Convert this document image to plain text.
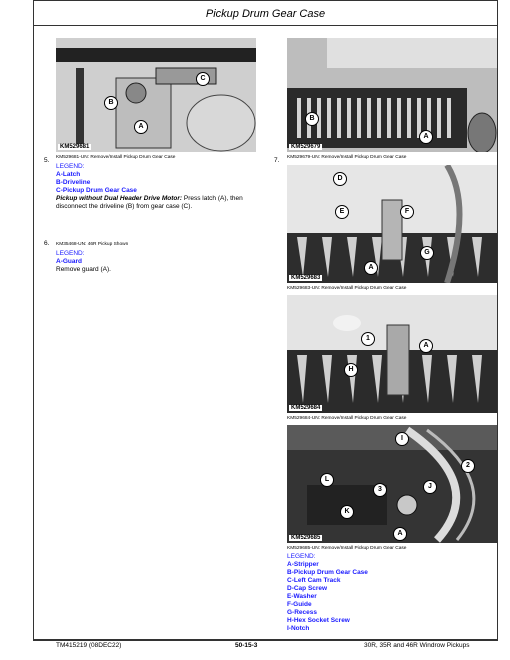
Pickup Drum Gear Case
KM529681
B
A
C
KM529681-UN: Remove/Install Pickup Drum Gear Case
5.
LEGEND:
A-Latch
B-Driveline
C-Pickup Drum Gear Case
Pickup without Dual Header Drive Motor: Press latch (A), then disconnect the driveline (B) from gear case (C).
KM35468-UN: 46R Pickup Shown
6.
LEGEND:
A-Guard
Remove guard (A).
KM529679
B
A
KM529679-UN: Remove/Install Pickup Drum Gear Case
7.
KM529683
D
E	F
G
A
KM529683-UN: Remove/Install Pickup Drum Gear Case
KM529684
1
A
H
KM529684-UN: Remove/Install Pickup Drum Gear Case
KM529685
I
2
L
3	J
K
A
KM529685-UN: Remove/Install Pickup Drum Gear Case
LEGEND:
A-Stripper
B-Pickup Drum Gear Case
C-Left Cam Track
D-Cap Screw
E-Washer
F-Guide
G-Recess
H-Hex Socket Screw
I-Notch
TM415219 (08DEC22)	50-15-3	30R, 35R and 46R Windrow Pickups
